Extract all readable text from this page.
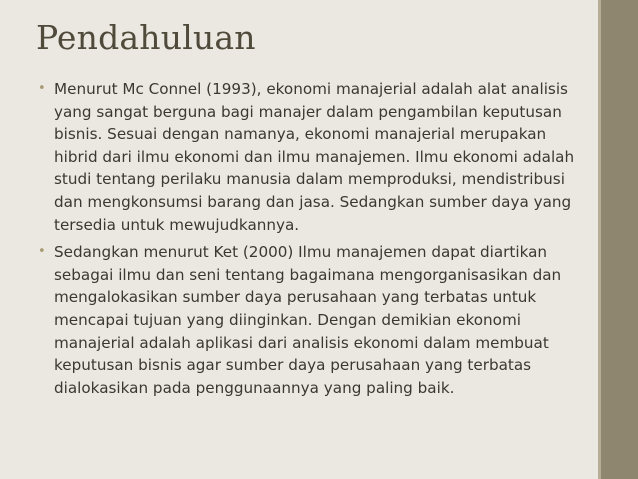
Pendahuluan

• Menurut Mc Connel (1993), ekonomi manajerial adalah alat analisis yang sangat berguna bagi manajer dalam pengambilan keputusan bisnis. Sesuai dengan namanya, ekonomi manajerial merupakan hibrid dari ilmu ekonomi dan ilmu manajemen. Ilmu ekonomi adalah studi tentang perilaku manusia dalam memproduksi, mendistribusi dan mengkonsumsi barang dan jasa. Sedangkan sumber daya yang tersedia untuk mewujudkannya.

• Sedangkan menurut Ket (2000) Ilmu manajemen dapat diartikan sebagai ilmu dan seni tentang bagaimana mengorganisasikan dan mengalokasikan sumber daya perusahaan yang terbatas untuk mencapai tujuan yang diinginkan. Dengan demikian ekonomi manajerial adalah aplikasi dari analisis ekonomi dalam membuat keputusan bisnis agar sumber daya perusahaan yang terbatas dialokasikan pada penggunaannya yang paling baik.
